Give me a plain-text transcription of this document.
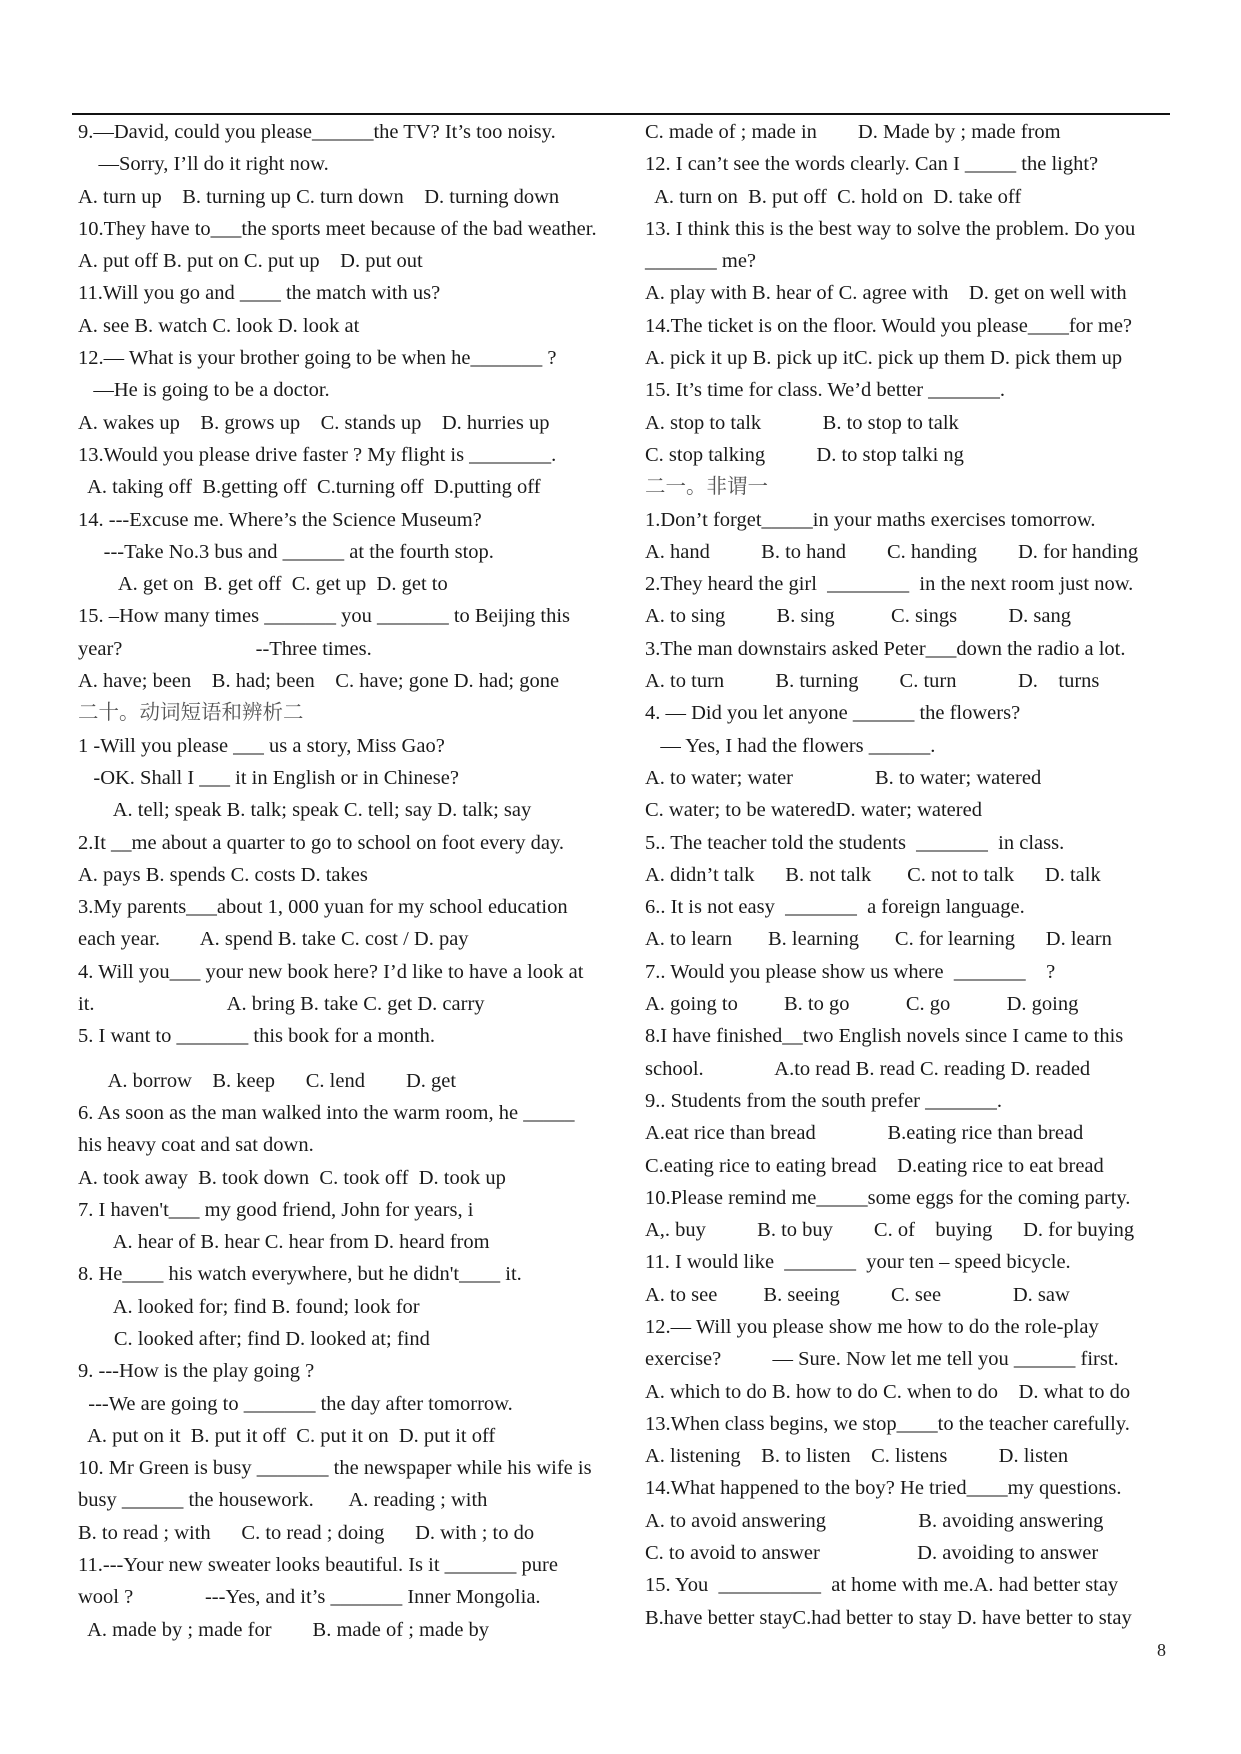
9.—David, could you please______the TV? It’s too noisy.
—Sorry, I’ll do it right now.
A. turn up    B. turning up C. turn down    D. turning down
10.They have to___the sports meet because of the bad weather.
A. put off B. put on C. put up    D. put out
11.Will you go and ____ the match with us?
A. see B. watch C. look D. look at
12.— What is your brother going to be when he_______ ?
—He is going to be a doctor.
A. wakes up    B. grows up    C. stands up    D. hurries up
13.Would you please drive faster ? My flight is ________.
A. taking off  B.getting off  C.turning off  D.putting off
14. ---Excuse me. Where’s the Science Museum?
---Take No.3 bus and ______ at the fourth stop.
A. get on  B. get off  C. get up  D. get to
15. –How many times _______ you _______ to Beijing this
year?                          --Three times.
A. have; been    B. had; been    C. have; gone D. had; gone
二十。动词短语和辨析二
1 -Will you please ___ us a story, Miss Gao?
-OK. Shall I ___ it in English or in Chinese?
A. tell; speak B. talk; speak C. tell; say D. talk; say
2.It __me about a quarter to go to school on foot every day.
A. pays B. spends C. costs D. takes
3.My parents___about 1, 000 yuan for my school education
each year.        A. spend B. take C. cost / D. pay
4. Will you___ your new book here? I’d like to have a look at
it.                          A. bring B. take C. get D. carry
5. I want to _______ this book for a month.
A. borrow    B. keep      C. lend        D. get
6. As soon as the man walked into the warm room, he _____
his heavy coat and sat down.
A. took away  B. took down  C. took off  D. took up
7. I haven't___ my good friend, John for years, i
A. hear of B. hear C. hear from D. heard from
8. He____ his watch everywhere, but he didn't____ it.
A. looked for; find B. found; look for
C. looked after; find D. looked at; find
9. ---How is the play going ?
---We are going to _______ the day after tomorrow.
A. put on it  B. put it off  C. put it on  D. put it off
10. Mr Green is busy _______ the newspaper while his wife is
busy ______ the housework.       A. reading ; with
B. to read ; with      C. to read ; doing      D. with ; to do
11.---Your new sweater looks beautiful. Is it _______ pure
wool ?              ---Yes, and it’s _______ Inner Mongolia.
A. made by ; made for        B. made of ; made by
C. made of ; made in        D. Made by ; made from
12. I can’t see the words clearly. Can I _____ the light?
A. turn on  B. put off  C. hold on  D. take off
13. I think this is the best way to solve the problem. Do you
_______ me?
A. play with B. hear of C. agree with    D. get on well with
14.The ticket is on the floor. Would you please____for me?
A. pick it up B. pick up itC. pick up them D. pick them up
15. It’s time for class. We’d better _______.
A. stop to talk            B. to stop to talk
C. stop talking          D. to stop talki ng
二一。非谓一
1.Don’t forget_____in your maths exercises tomorrow.
A. hand          B. to hand        C. handing        D. for handing
2.They heard the girl  ________  in the next room just now.
A. to sing          B. sing           C. sings          D. sang
3.The man downstairs asked Peter___down the radio a lot.
A. to turn          B. turning        C. turn            D.    turns
4. — Did you let anyone ______ the flowers?
— Yes, I had the flowers ______.
A. to water; water                B. to water; watered
C. water; to be wateredD. water; watered
5.. The teacher told the students  _______  in class.
A. didn’t talk      B. not talk       C. not to talk      D. talk
6.. It is not easy  _______  a foreign language.
A. to learn       B. learning       C. for learning      D. learn
7.. Would you please show us where  _______    ?
A. going to         B. to go           C. go           D. going
8.I have finished__two English novels since I came to this
school.              A.to read B. read C. reading D. readed
9.. Students from the south prefer _______.
A.eat rice than bread              B.eating rice than bread
C.eating rice to eating bread    D.eating rice to eat bread
10.Please remind me_____some eggs for the coming party.
A,. buy          B. to buy        C. of    buying      D. for buying
11. I would like  _______  your ten – speed bicycle.
A. to see         B. seeing          C. see              D. saw
12.— Will you please show me how to do the role-play
exercise?          — Sure. Now let me tell you ______ first.
A. which to do B. how to do C. when to do    D. what to do
13.When class begins, we stop____to the teacher carefully.
A. listening    B. to listen    C. listens          D. listen
14.What happened to the boy? He tried____my questions.
A. to avoid answering                  B. avoiding answering
C. to avoid to answer                   D. avoiding to answer
15. You  __________  at home with me.A. had better stay
B.have better stayC.had better to stay D. have better to stay
8
